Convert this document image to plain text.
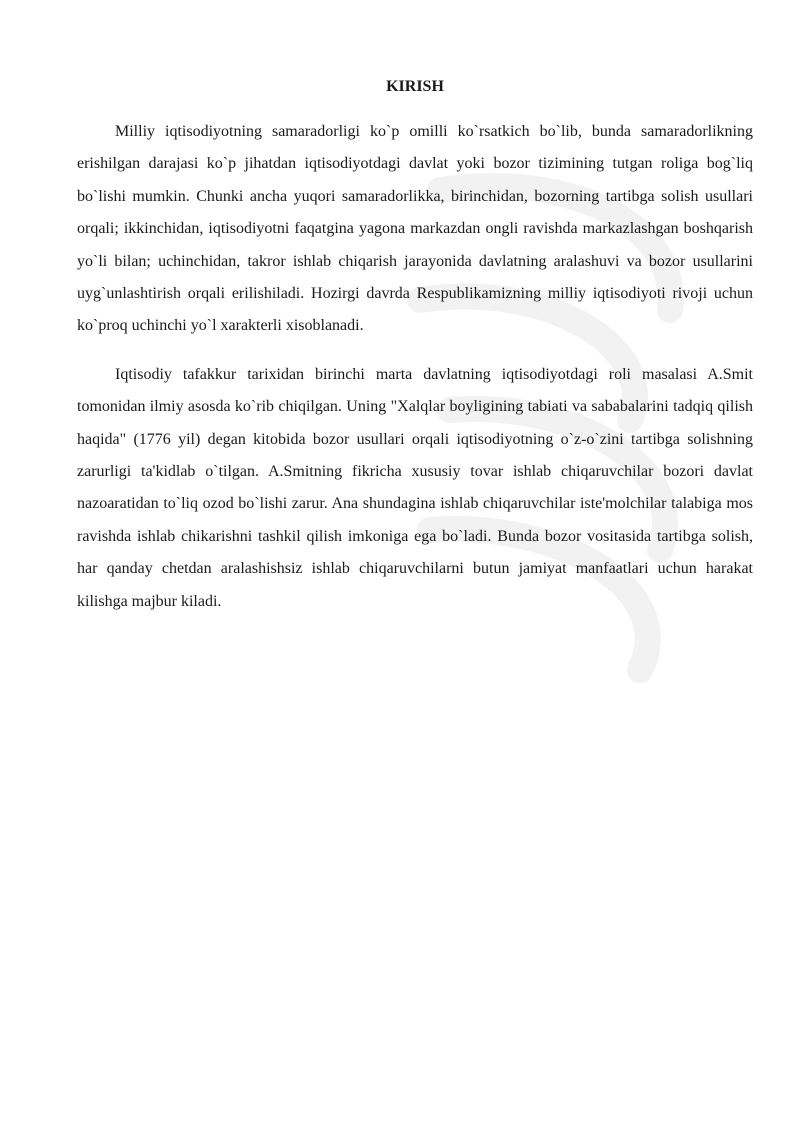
KIRISH

Milliy iqtisodiyotning samaradorligi ko`p omilli ko`rsatkich bo`lib, bunda samaradorlikning erishilgan darajasi ko`p jihatdan iqtisodiyotdagi davlat yoki bozor tizimining tutgan roliga bog`liq bo`lishi mumkin. Chunki ancha yuqori samaradorlikka, birinchidan, bozorning tartibga solish usullari orqali; ikkinchidan, iqtisodiyotni faqatgina yagona markazdan ongli ravishda markazlashgan boshqarish yo`li bilan; uchinchidan, takror ishlab chiqarish jarayonida davlatning aralashuvi va bozor usullarini uyg`unlashtirish orqali erilishiladi. Hozirgi davrda Respublikamizning milliy iqtisodiyoti rivoji uchun ko`proq uchinchi yo`l xarakterli xisoblanadi.

Iqtisodiy tafakkur tarixidan birinchi marta davlatning iqtisodiyotdagi roli masalasi A.Smit tomonidan ilmiy asosda ko`rib chiqilgan. Uning "Xalqlar boyligining tabiati va sababalarini tadqiq qilish haqida" (1776 yil) degan kitobida bozor usullari orqali iqtisodiyotning o`z-o`zini tartibga solishning zarurligi ta'kidlab o`tilgan. A.Smitning fikricha xususiy tovar ishlab chiqaruvchilar bozori davlat nazoaratidan to`liq ozod bo`lishi zarur. Ana shundagina ishlab chiqaruvchilar iste'molchilar talabiga mos ravishda ishlab chikarishni tashkil qilish imkoniga ega bo`ladi. Bunda bozor vositasida tartibga solish, har qanday chetdan aralashishsiz ishlab chiqaruvchilarni butun jamiyat manfaatlari uchun harakat kilishga majbur kiladi.
